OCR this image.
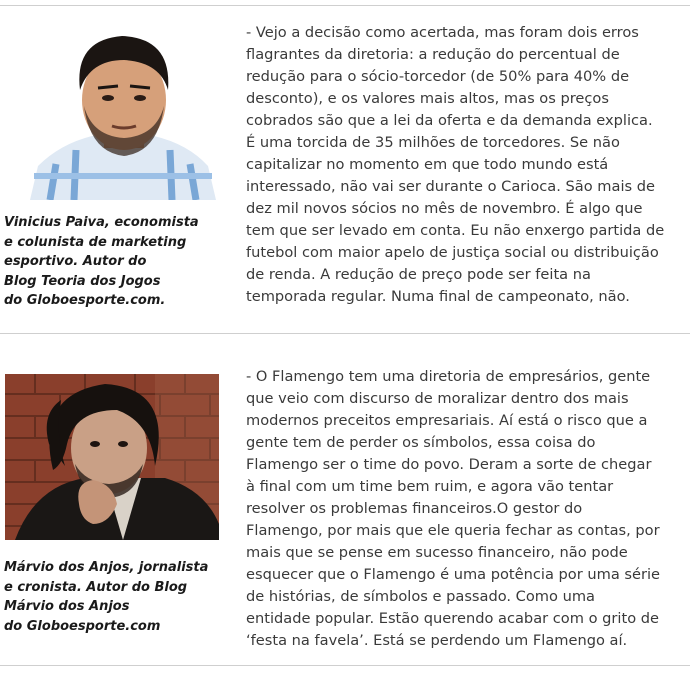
Vinicius Paiva, economista
e colunista de marketing
esportivo. Autor do
Blog Teoria dos Jogos
do Globoesporte.com.

- Vejo a decisão como acertada, mas foram dois erros
flagrantes da diretoria: a redução do percentual de
redução para o sócio-torcedor (de 50% para 40% de
desconto), e os valores mais altos, mas os preços
cobrados são que a lei da oferta e da demanda explica.
É uma torcida de 35 milhões de torcedores. Se não
capitalizar no momento em que todo mundo está
interessado, não vai ser durante o Carioca. São mais de
dez mil novos sócios no mês de novembro. É algo que
tem que ser levado em conta. Eu não enxergo partida de
futebol com maior apelo de justiça social ou distribuição
de renda. A redução de preço pode ser feita na
temporada regular. Numa final de campeonato, não.

Márvio dos Anjos, jornalista
e cronista. Autor do Blog
Márvio dos Anjos
do Globoesporte.com

- O Flamengo tem uma diretoria de empresários, gente
que veio com discurso de moralizar dentro dos mais
modernos preceitos empresariais. Aí está o risco que a
gente tem de perder os símbolos, essa coisa do
Flamengo ser o time do povo. Deram a sorte de chegar
à final com um time bem ruim, e agora vão tentar
resolver os problemas financeiros.O gestor do
Flamengo, por mais que ele queria fechar as contas, por
mais que se pense em sucesso financeiro, não pode
esquecer que o Flamengo é uma potência por uma série
de histórias, de símbolos e passado. Como uma
entidade popular. Estão querendo acabar com o grito de
‘festa na favela’. Está se perdendo um Flamengo aí.
